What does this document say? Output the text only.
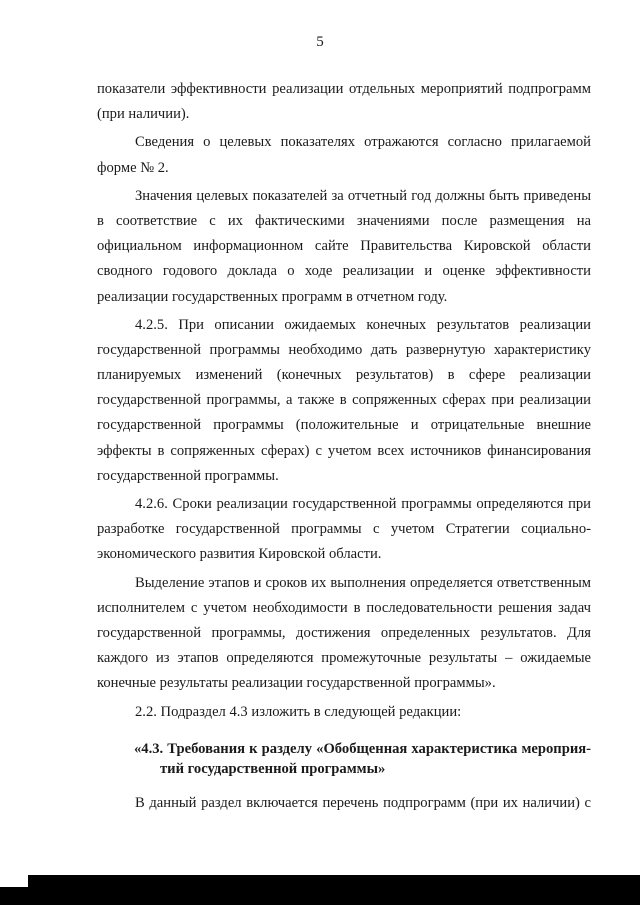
5
показатели эффективности реализации отдельных мероприятий подпрограмм
(при наличии).
Сведения о целевых показателях отражаются согласно прилагаемой
форме № 2.
Значения целевых показателей за отчетный год должны быть приведены
в соответствие с их фактическими значениями после размещения на
официальном информационном сайте Правительства Кировской области
сводного годового доклада о ходе реализации и оценке эффективности
реализации государственных программ в отчетном году.
4.2.5. При описании ожидаемых конечных результатов реализации
государственной программы необходимо дать развернутую характеристику
планируемых изменений (конечных результатов) в сфере реализации
государственной программы, а также в сопряженных сферах при реализации
государственной программы (положительные и отрицательные внешние
эффекты в сопряженных сферах) с учетом всех источников финансирования
государственной программы.
4.2.6. Сроки реализации государственной программы определяются при
разработке государственной программы с учетом Стратегии социально-
экономического развития Кировской области.
Выделение этапов и сроков их выполнения определяется ответственным
исполнителем с учетом необходимости в последовательности решения задач
государственной программы, достижения определенных результатов. Для
каждого из этапов определяются промежуточные результаты – ожидаемые
конечные результаты реализации государственной программы».
2.2. Подраздел 4.3 изложить в следующей редакции:
«4.3. Требования к разделу «Обобщенная характеристика мероприя-
тий государственной программы»
В данный раздел включается перечень подпрограмм (при их наличии) с
